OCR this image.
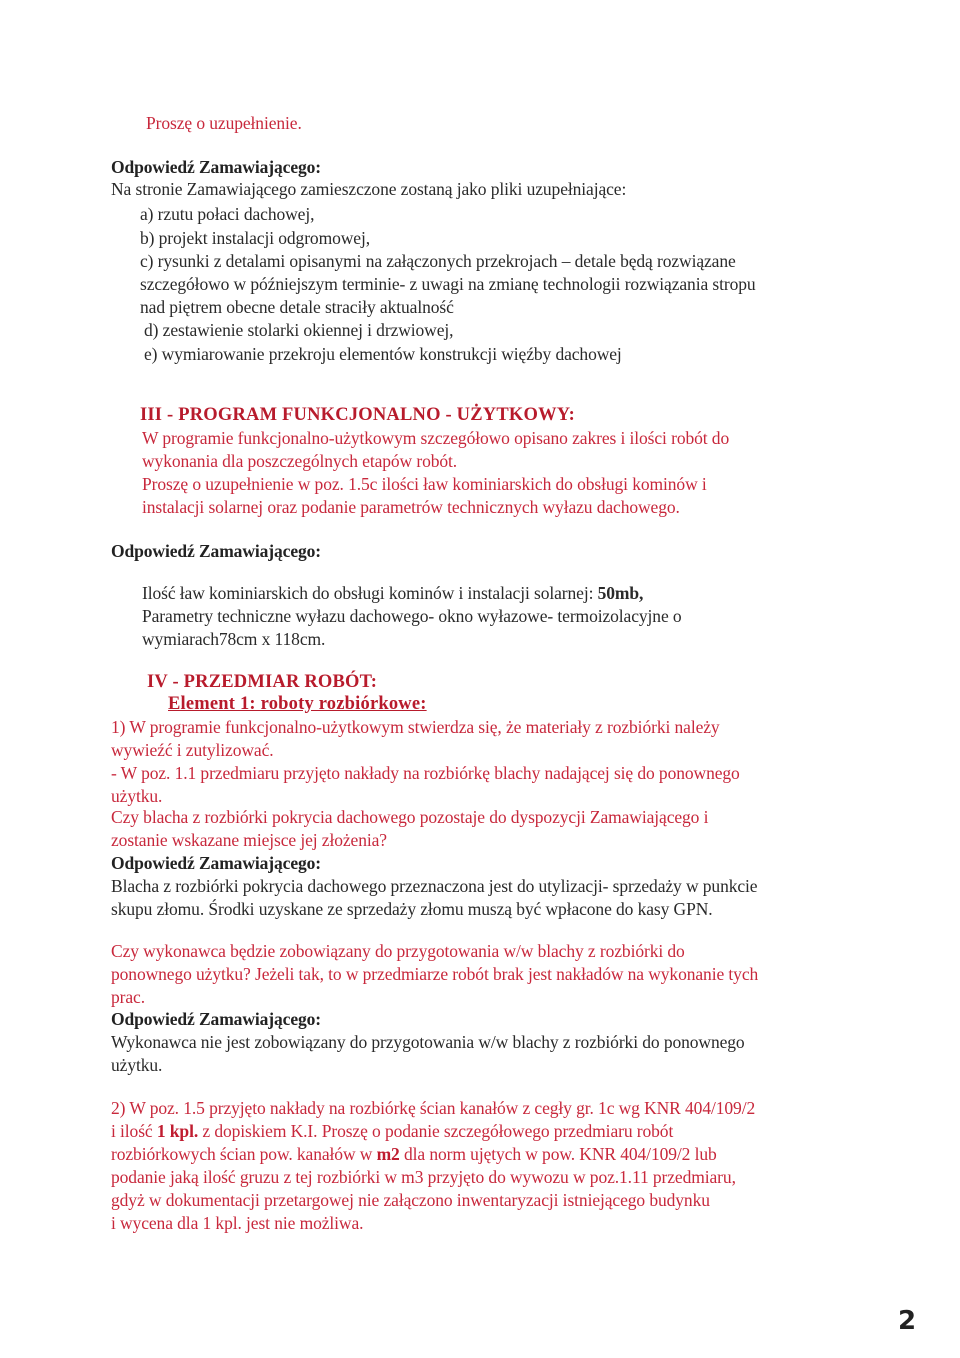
Proszę o uzupełnienie.
Odpowiedź Zamawiającego:
Na stronie Zamawiającego zamieszczone zostaną jako pliki uzupełniające:
a) rzutu połaci dachowej,
b) projekt instalacji odgromowej,
c) rysunki z detalami opisanymi na załączonych przekrojach – detale będą rozwiązane
szczegółowo w późniejszym terminie- z uwagi na zmianę technologii rozwiązania stropu
nad piętrem obecne detale straciły aktualność
d) zestawienie stolarki okiennej i drzwiowej,
e) wymiarowanie przekroju elementów konstrukcji więźby dachowej
III - PROGRAM FUNKCJONALNO - UŻYTKOWY:
W programie funkcjonalno-użytkowym szczegółowo opisano zakres i ilości robót do
wykonania dla poszczególnych etapów robót.
Proszę o uzupełnienie w poz. 1.5c ilości ław kominiarskich do obsługi kominów i
instalacji solarnej oraz podanie parametrów technicznych wyłazu dachowego.
Odpowiedź Zamawiającego:
Ilość ław kominiarskich do obsługi kominów i instalacji solarnej: 50mb,
Parametry techniczne wyłazu dachowego- okno wyłazowe- termoizolacyjne o
wymiarach78cm x 118cm.
IV - PRZEDMIAR ROBÓT:
Element 1: roboty rozbiórkowe:
1) W programie funkcjonalno-użytkowym stwierdza się, że materiały z rozbiórki należy
wywieźć i zutylizować.
- W poz. 1.1 przedmiaru przyjęto nakłady na rozbiórkę blachy nadającej się do ponownego
użytku.
Czy blacha z rozbiórki pokrycia dachowego pozostaje do dyspozycji Zamawiającego i
zostanie wskazane miejsce jej złożenia?
Odpowiedź Zamawiającego:
Blacha z rozbiórki pokrycia dachowego przeznaczona jest do utylizacji- sprzedaży w punkcie
skupu złomu. Środki uzyskane ze sprzedaży złomu muszą być wpłacone do kasy GPN.
Czy wykonawca będzie zobowiązany do przygotowania w/w blachy z rozbiórki do
ponownego użytku? Jeżeli tak, to w przedmiarze robót brak jest nakładów na wykonanie tych
prac.
Odpowiedź Zamawiającego:
Wykonawca nie jest zobowiązany do przygotowania w/w blachy z rozbiórki do ponownego
użytku.
2) W poz. 1.5 przyjęto nakłady na rozbiórkę ścian kanałów z cegły gr. 1c wg KNR 404/109/2
i ilość 1 kpl. z dopiskiem K.I. Proszę o podanie szczegółowego przedmiaru robót
rozbiórkowych ścian pow. kanałów w m2 dla norm ujętych w pow. KNR 404/109/2 lub
podanie jaką ilość gruzu z tej rozbiórki w m3 przyjęto do wywozu w poz.1.11 przedmiaru,
gdyż w dokumentacji przetargowej nie załączono inwentaryzacji istniejącego budynku
i wycena dla 1 kpl. jest nie możliwa.
2
